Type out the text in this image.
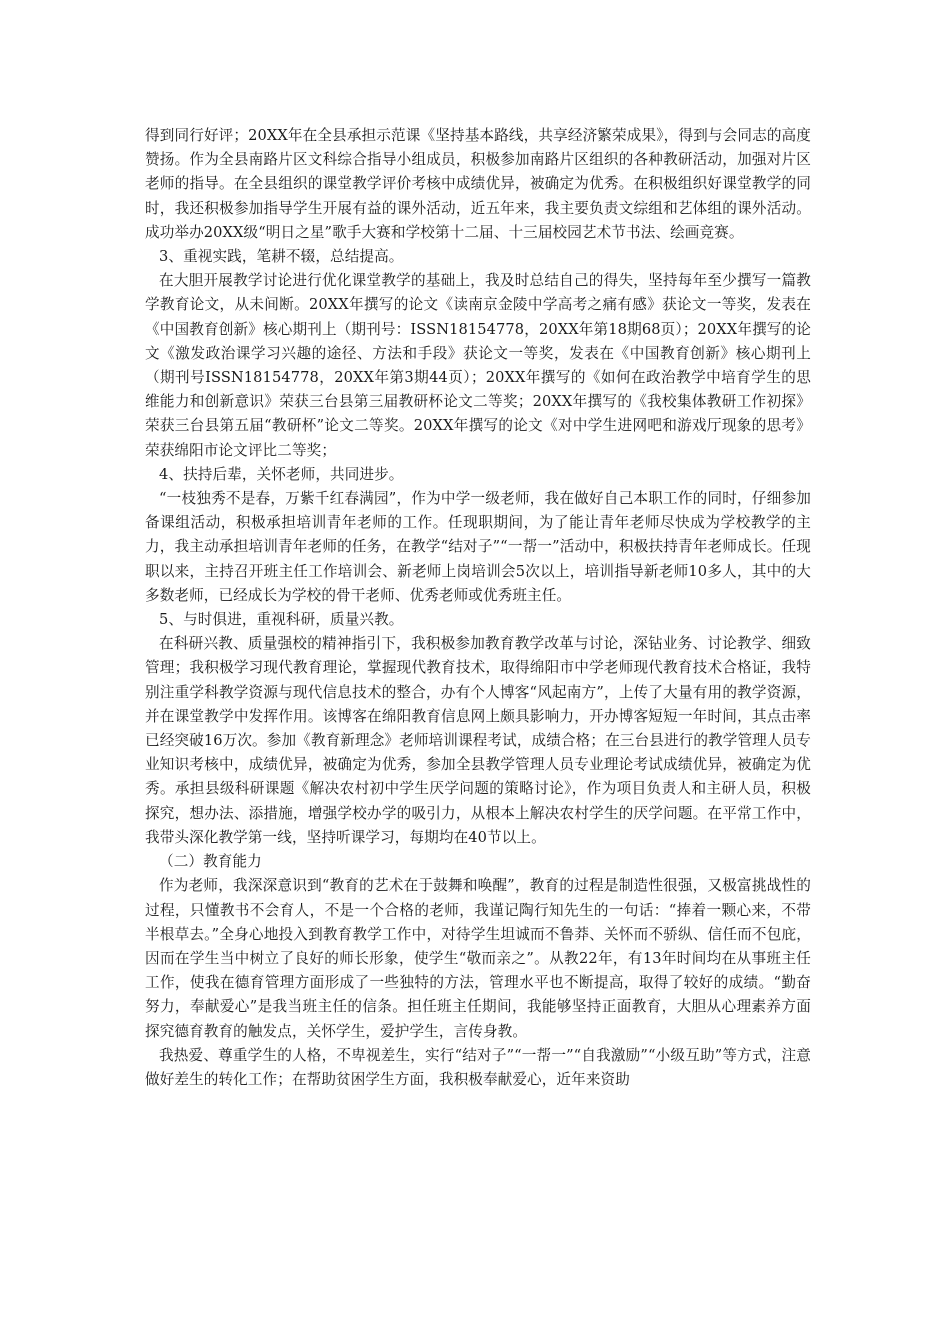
得到同行好评；20XX年在全县承担示范课《坚持基本路线，共享经济繁荣成果》，得到与会同志的高度赞扬。作为全县南路片区文科综合指导小组成员，积极参加南路片区组织的各种教研活动，加强对片区老师的指导。在全县组织的课堂教学评价考核中成绩优异，被确定为优秀。在积极组织好课堂教学的同时，我还积极参加指导学生开展有益的课外活动，近五年来，我主要负责文综组和艺体组的课外活动。成功举办20XX级“明日之星”歌手大赛和学校第十二届、十三届校园艺术节书法、绘画竞赛。

3、重视实践，笔耕不辍，总结提高。

在大胆开展教学讨论进行优化课堂教学的基础上，我及时总结自己的得失，坚持每年至少撰写一篇教学教育论文，从未间断。20XX年撰写的论文《读南京金陵中学高考之痛有感》获论文一等奖，发表在《中国教育创新》核心期刊上（期刊号：ISSN18154778，20XX年第18期68页）；20XX年撰写的论文《激发政治课学习兴趣的途径、方法和手段》获论文一等奖，发表在《中国教育创新》核心期刊上（期刊号ISSN18154778，20XX年第3期44页）；20XX年撰写的《如何在政治教学中培育学生的思维能力和创新意识》荣获三台县第三届教研杯论文二等奖；20XX年撰写的《我校集体教研工作初探》荣获三台县第五届“教研杯”论文二等奖。20XX年撰写的论文《对中学生进网吧和游戏厅现象的思考》荣获绵阳市论文评比二等奖；

4、扶持后辈，关怀老师，共同进步。

“一枝独秀不是春，万紫千红春满园”，作为中学一级老师，我在做好自己本职工作的同时，仔细参加备课组活动，积极承担培训青年老师的工作。任现职期间，为了能让青年老师尽快成为学校教学的主力，我主动承担培训青年老师的任务，在教学“结对子”“一帮一”活动中，积极扶持青年老师成长。任现职以来，主持召开班主任工作培训会、新老师上岗培训会5次以上，培训指导新老师10多人，其中的大多数老师，已经成长为学校的骨干老师、优秀老师或优秀班主任。

5、与时俱进，重视科研，质量兴教。

在科研兴教、质量强校的精神指引下，我积极参加教育教学改革与讨论，深钻业务、讨论教学、细致管理；我积极学习现代教育理论，掌握现代教育技术，取得绵阳市中学老师现代教育技术合格证，我特别注重学科教学资源与现代信息技术的整合，办有个人博客“风起南方”，上传了大量有用的教学资源，并在课堂教学中发挥作用。该博客在绵阳教育信息网上颇具影响力，开办博客短短一年时间，其点击率已经突破16万次。参加《教育新理念》老师培训课程考试，成绩合格；在三台县进行的教学管理人员专业知识考核中，成绩优异，被确定为优秀，参加全县教学管理人员专业理论考试成绩优异，被确定为优秀。承担县级科研课题《解决农村初中学生厌学问题的策略讨论》，作为项目负责人和主研人员，积极探究，想办法、添措施，增强学校办学的吸引力，从根本上解决农村学生的厌学问题。在平常工作中，我带头深化教学第一线，坚持听课学习，每期均在40节以上。

（二）教育能力

作为老师，我深深意识到“教育的艺术在于鼓舞和唤醒”，教育的过程是制造性很强，又极富挑战性的过程，只懂教书不会育人，不是一个合格的老师，我谨记陶行知先生的一句话：“捧着一颗心来，不带半根草去。”全身心地投入到教育教学工作中，对待学生坦诚而不鲁莽、关怀而不骄纵、信任而不包庇，因而在学生当中树立了良好的师长形象，使学生“敬而亲之”。从教22年，有13年时间均在从事班主任工作，使我在德育管理方面形成了一些独特的方法，管理水平也不断提高，取得了较好的成绩。“勤奋努力，奉献爱心”是我当班主任的信条。担任班主任期间，我能够坚持正面教育，大胆从心理素养方面探究德育教育的触发点，关怀学生，爱护学生，言传身教。

我热爱、尊重学生的人格，不卑视差生，实行“结对子”“一帮一”“自我激励”“小级互助”等方式，注意做好差生的转化工作；在帮助贫困学生方面，我积极奉献爱心，近年来资助
